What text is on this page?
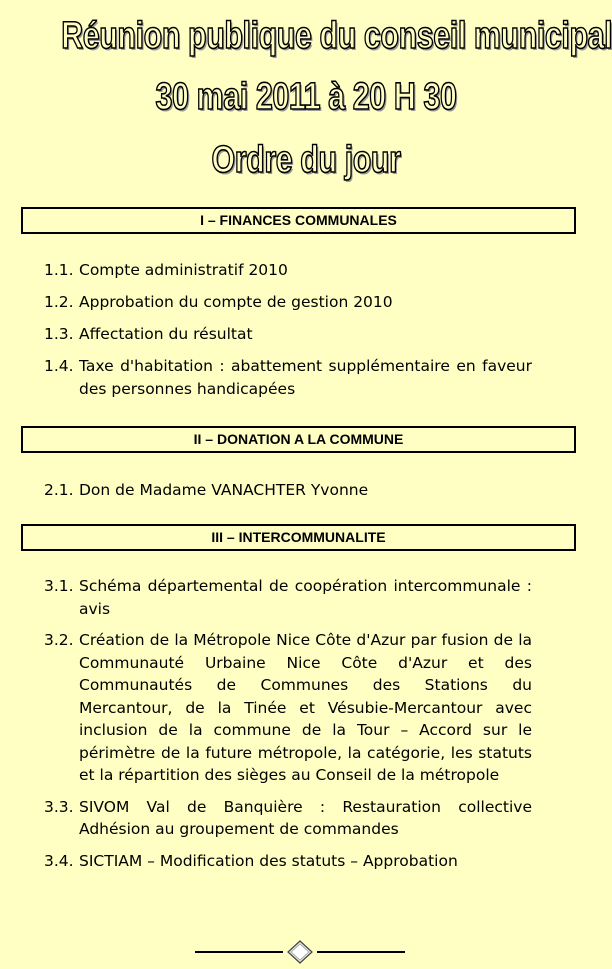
Réunion publique du conseil municipal
30 mai 2011 à 20 H 30
Ordre du jour
I – FINANCES COMMUNALES
1.1. Compte administratif 2010
1.2. Approbation du compte de gestion 2010
1.3. Affectation du résultat
1.4. Taxe d'habitation : abattement supplémentaire en faveur des personnes handicapées
II – DONATION A LA COMMUNE
2.1. Don de Madame VANACHTER Yvonne
III – INTERCOMMUNALITE
3.1. Schéma départemental de coopération intercommunale : avis
3.2. Création de la Métropole Nice Côte d'Azur par fusion de la Communauté Urbaine Nice Côte d'Azur et des Communautés de Communes des Stations du Mercantour, de la Tinée et Vésubie-Mercantour avec inclusion de la commune de la Tour – Accord sur le périmètre de la future métropole, la catégorie, les statuts et la répartition des sièges au Conseil de la métropole
3.3. SIVOM Val de Banquière : Restauration collective Adhésion au groupement de commandes
3.4. SICTIAM – Modification des statuts – Approbation
